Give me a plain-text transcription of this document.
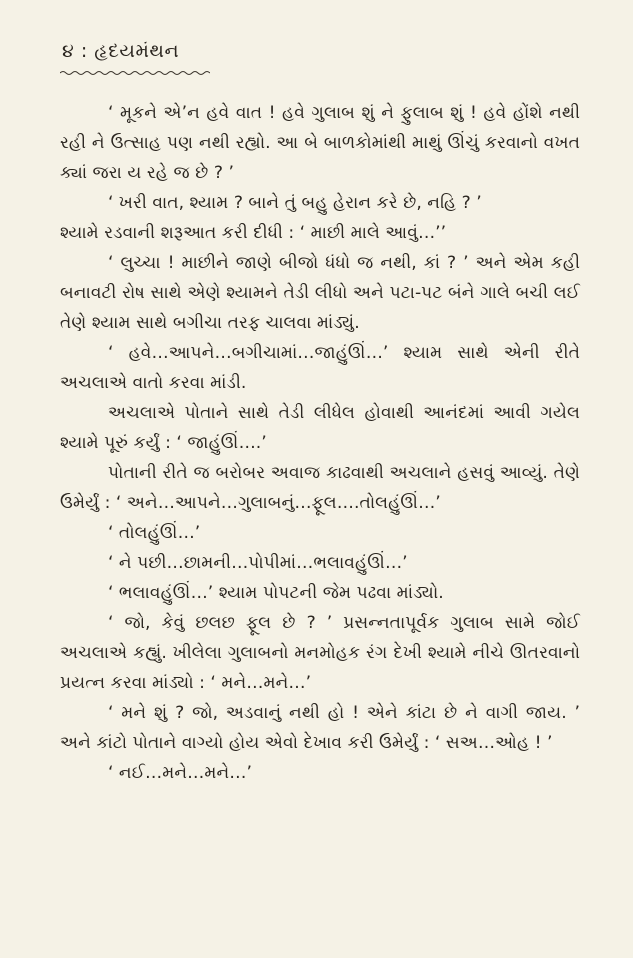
૪ : હૃદયમંથન

‘ મૂકને એ’ન હવે વાત ! હવે ગુલાબ શું ને ફુલાબ શું ! હવે હોંશે નથી રહી ને ઉત્સાહ પણ નથી રહ્યો. આ બે બાળકોમાંથી માથું ઊંચું કરવાનો વખત ક્યાં જરા ય રહે જ છે ? ’

‘ ખરી વાત, શ્યામ ? બાને તું બહુ હેરાન કરે છે, નહિ ? ’

શ્યામે રડવાની શરૂઆત કરી દીધી : ‘ માછી માલે આવું…’’

‘ લુચ્ચા ! માછીને જાણે બીજો ધંધો જ નથી, કાં ? ’ અને એમ કહી બનાવટી રોષ સાથે એણે શ્યામને તેડી લીધો અને પટા-પટ બંને ગાલે બચી લઈ તેણે શ્યામ સાથે બગીચા તરફ ચાલવા માંડ્યું.

‘ હવે…આપને…બગીચામાં…જાહુંઊં…’ શ્યામ સાથે એની રીતે અચલાએ વાતો કરવા માંડી.

અચલાએ પોતાને સાથે તેડી લીધેલ હોવાથી આનંદમાં આવી ગયેલ શ્યામે પૂરું કર્યું : ‘ જાહુંઊં….’

પોતાની રીતે જ બરોબર અવાજ કાઢવાથી અચલાને હસવું આવ્યું. તેણે ઉમેર્યું : ‘ અને…આપને…ગુલાબનું…ફૂલ….તોલહુંઊં…’

‘ તોલહુંઊં…’

‘ ને પછી…છામની…પોપીમાં…ભલાવહુંઊં…’

‘ ભલાવહુંઊં…’ શ્યામ પોપટની જેમ પઢવા માંડ્યો.

‘ જો, કેવું છલછ ફૂલ છે ? ’ પ્રસન્નતાપૂર્વક ગુલાબ સામે જોઈ અચલાએ કહ્યું. ખીલેલા ગુલાબનો મનમોહક રંગ દેખી શ્યામે નીચે ઊતરવાનો પ્રયત્ન કરવા માંડ્યો : ‘ મને…મને…’

‘ મને શું ? જો, અડવાનું નથી હો ! એને કાંટા છે ને વાગી જાય. ’ અને કાંટો પોતાને વાગ્યો હોય એવો દેખાવ કરી ઉમેર્યું : ‘ સઅ…ઓહ ! ’

‘ નઈ…મને…મને…’
